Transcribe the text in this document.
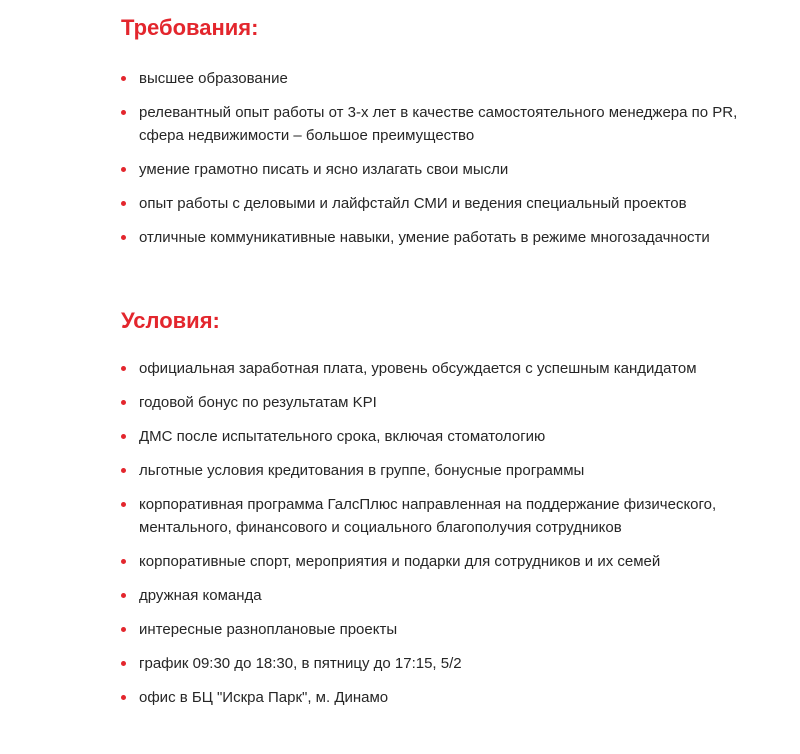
Требования:
высшее образование
релевантный опыт работы от 3-х лет в качестве самостоятельного менеджера по PR, сфера недвижимости – большое преимущество
умение грамотно писать и ясно излагать свои мысли
опыт работы с деловыми и лайфстайл СМИ и ведения специальный проектов
отличные коммуникативные навыки, умение работать в режиме многозадачности
Условия:
официальная заработная плата, уровень обсуждается с успешным кандидатом
годовой бонус по результатам KPI
ДМС после испытательного срока, включая стоматологию
льготные условия кредитования в группе, бонусные программы
корпоративная программа ГалсПлюс направленная на поддержание физического, ментального, финансового и социального благополучия сотрудников
корпоративные спорт, мероприятия и подарки для сотрудников и их семей
дружная команда
интересные разноплановые проекты
график 09:30 до 18:30, в пятницу до 17:15, 5/2
офис в БЦ "Искра Парк", м. Динамо
